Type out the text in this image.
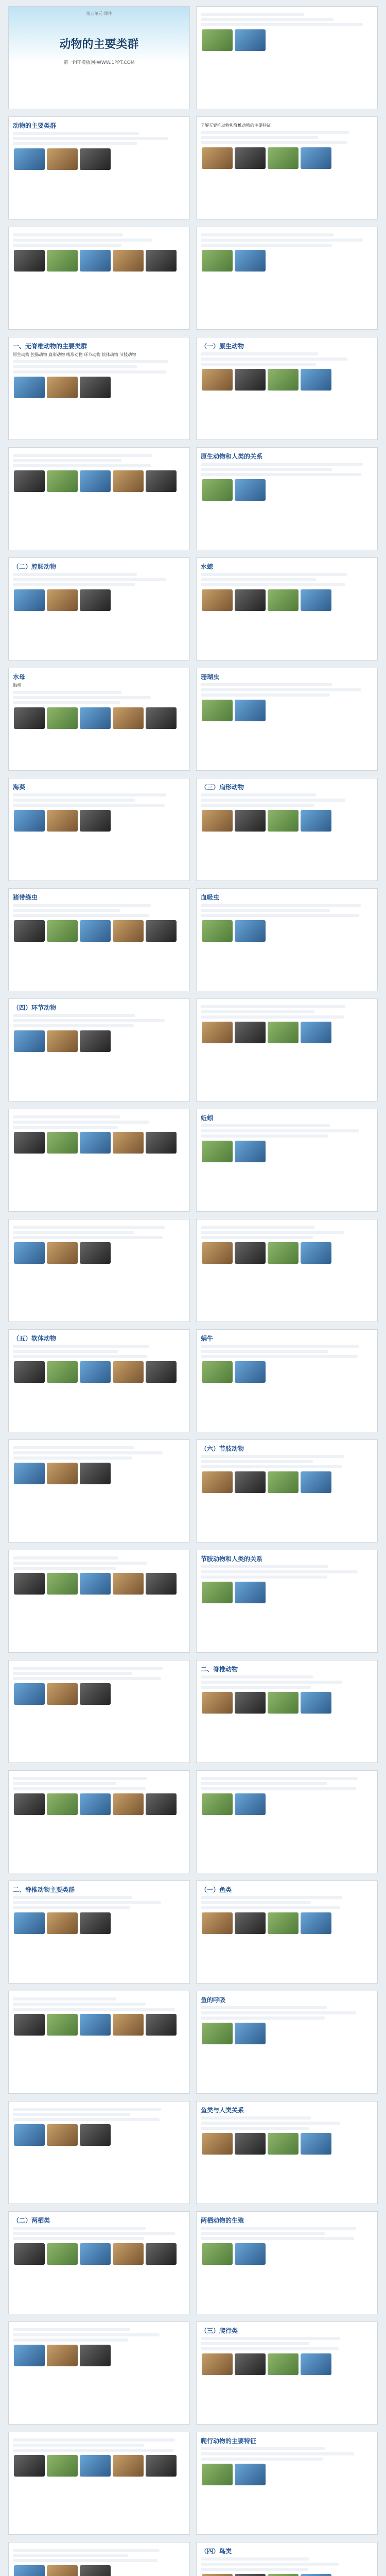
第五单元·课件
动物的主要类群
第一PPT模板网-WWW.1PPT.COM
动物的主要类群	了解无脊椎动物和脊椎动物的主要特征
一、无脊椎动物的主要类群
原生动物 腔肠动物 扁形动物 线形动物 环节动物 软体动物 节肢动物
（一）原生动物
原生动物和人类的关系
（二）腔肠动物	水螅
水母
海蜇
珊瑚虫
海葵	（三）扁形动物
猪带绦虫	血吸虫
（四）环节动物
蚯蚓
（五）软体动物	蜗牛
（六）节肢动物
节肢动物和人类的关系
二、脊椎动物
二、脊椎动物主要类群	（一）鱼类
鱼的呼吸
鱼类与人类关系
（二）两栖类	两栖动物的生殖
（三）爬行类
爬行动物的主要特征
（四）鸟类
